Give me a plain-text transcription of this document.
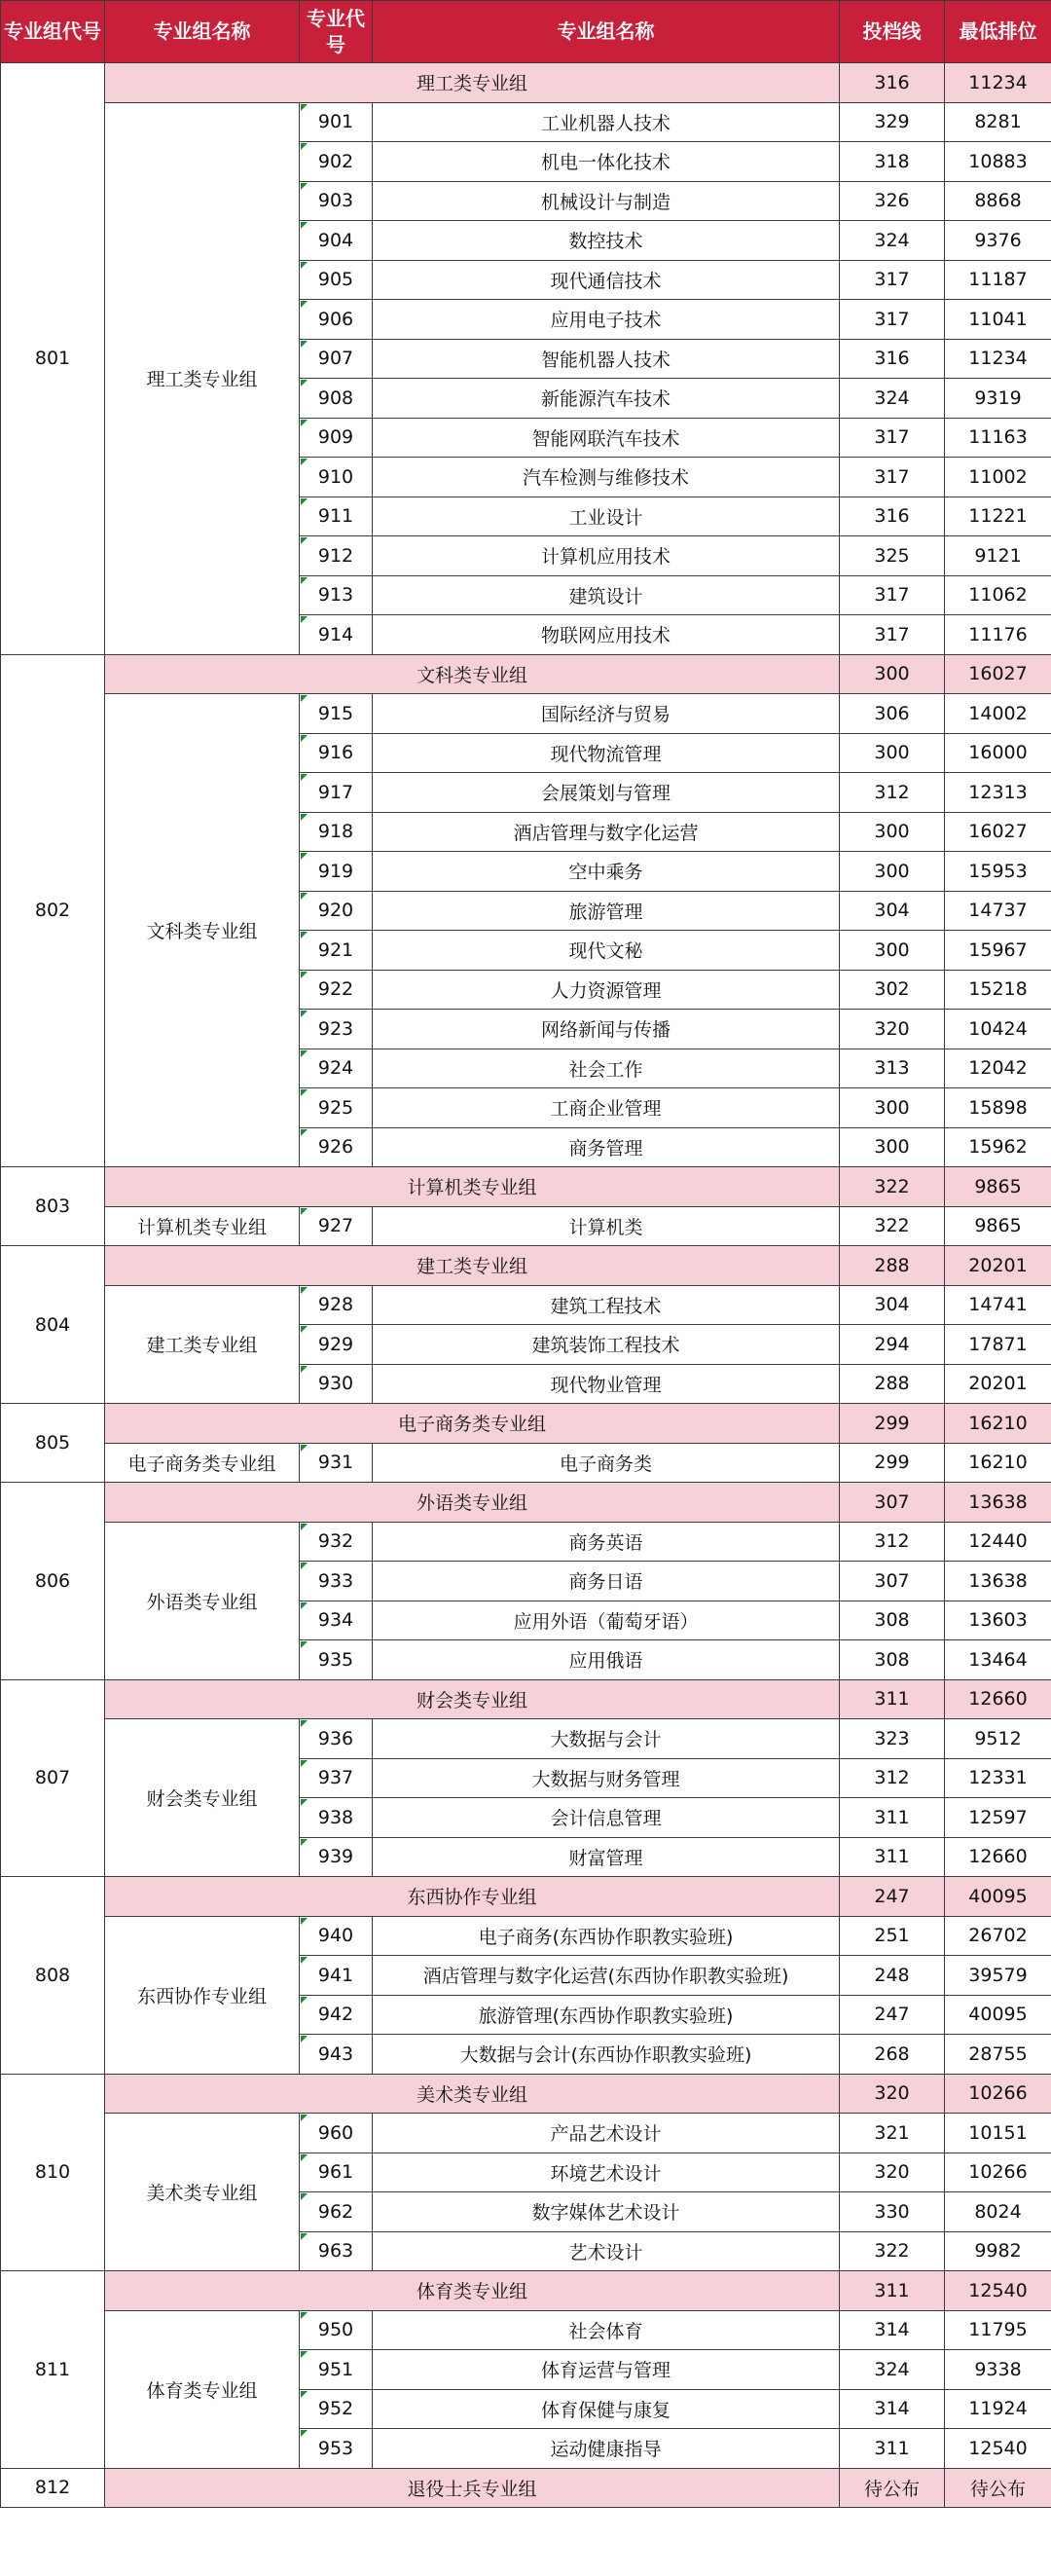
专业组代号	专业组名称	专业代号	专业组名称	投档线	最低排位
801	理工类专业组			316	11234
	理工类专业组	901	工业机器人技术	329	8281

902	机电一体化技术	318	10883

903	机械设计与制造	326	8868

904	数控技术	324	9376

905	现代通信技术	317	11187

906	应用电子技术	317	11041

907	智能机器人技术	316	11234

908	新能源汽车技术	324	9319

909	智能网联汽车技术	317	11163

910	汽车检测与维修技术	317	11002

911	工业设计	316	11221

912	计算机应用技术	325	9121

913	建筑设计	317	11062

914	物联网应用技术	317	11176
802	文科类专业组			300	16027
	文科类专业组	915	国际经济与贸易	306	14002

916	现代物流管理	300	16000

917	会展策划与管理	312	12313

918	酒店管理与数字化运营	300	16027

919	空中乘务	300	15953

920	旅游管理	304	14737

921	现代文秘	300	15967

922	人力资源管理	302	15218

923	网络新闻与传播	320	10424

924	社会工作	313	12042

925	工商企业管理	300	15898

926	商务管理	300	15962
803	计算机类专业组			322	9865
	计算机类专业组	927	计算机类	322	9865
804	建工类专业组			288	20201
	建工类专业组	928	建筑工程技术	304	14741

929	建筑装饰工程技术	294	17871

930	现代物业管理	288	20201
805	电子商务类专业组			299	16210
	电子商务类专业组	931	电子商务类	299	16210
806	外语类专业组			307	13638
	外语类专业组	932	商务英语	312	12440

933	商务日语	307	13638

934	应用外语（葡萄牙语）	308	13603

935	应用俄语	308	13464
807	财会类专业组			311	12660
	财会类专业组	936	大数据与会计	323	9512

937	大数据与财务管理	312	12331

938	会计信息管理	311	12597

939	财富管理	311	12660
808	东西协作专业组			247	40095
	东西协作专业组	940	电子商务(东西协作职教实验班)	251	26702

941	酒店管理与数字化运营(东西协作职教实验班)	248	39579

942	旅游管理(东西协作职教实验班)	247	40095

943	大数据与会计(东西协作职教实验班)	268	28755
810	美术类专业组			320	10266
	美术类专业组	960	产品艺术设计	321	10151

961	环境艺术设计	320	10266

962	数字媒体艺术设计	330	8024

963	艺术设计	322	9982
811	体育类专业组			311	12540
	体育类专业组	950	社会体育	314	11795

951	体育运营与管理	324	9338

952	体育保健与康复	314	11924

953	运动健康指导	311	12540
812	退役士兵专业组			待公布	待公布
